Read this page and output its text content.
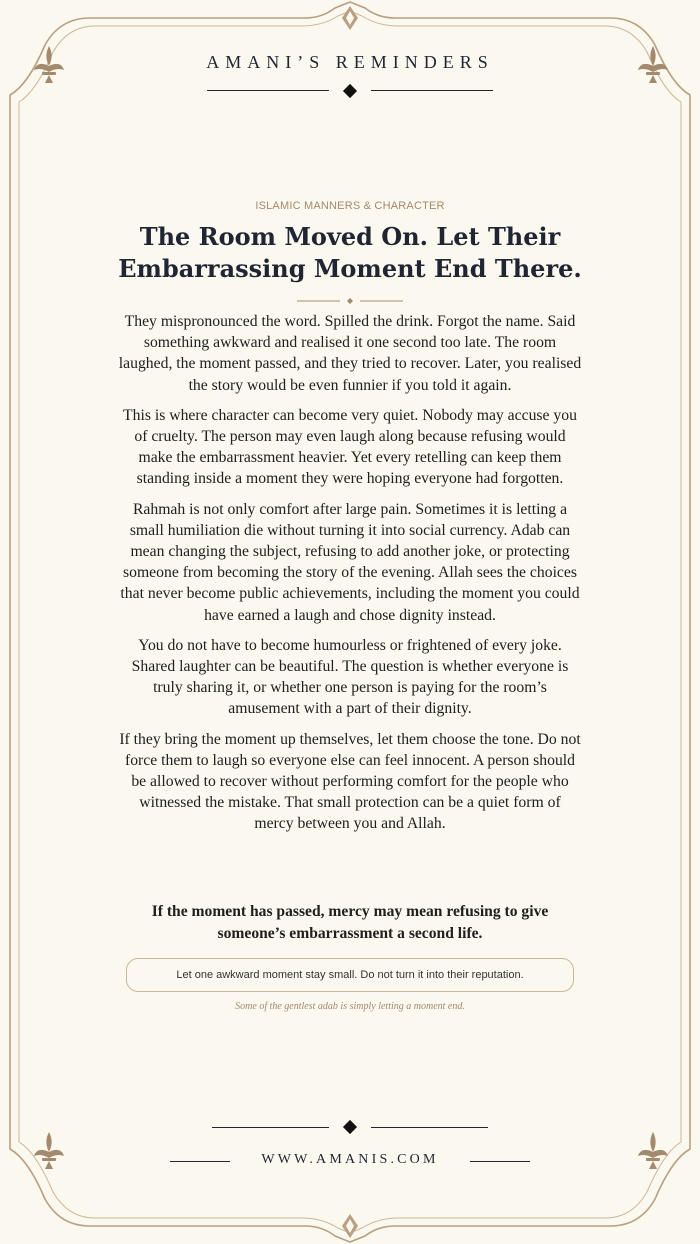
AMANI’S REMINDERS
ISLAMIC MANNERS & CHARACTER
The Room Moved On. Let Their
Embarrassing Moment End There.

They mispronounced the word. Spilled the drink. Forgot the name. Said something awkward and realised it one second too late. The room laughed, the moment passed, and they tried to recover. Later, you realised the story would be even funnier if you told it again.

This is where character can become very quiet. Nobody may accuse you of cruelty. The person may even laugh along because refusing would make the embarrassment heavier. Yet every retelling can keep them standing inside a moment they were hoping everyone had forgotten.

Rahmah is not only comfort after large pain. Sometimes it is letting a small humiliation die without turning it into social currency. Adab can mean changing the subject, refusing to add another joke, or protecting someone from becoming the story of the evening. Allah sees the choices that never become public achievements, including the moment you could have earned a laugh and chose dignity instead.

You do not have to become humourless or frightened of every joke. Shared laughter can be beautiful. The question is whether everyone is truly sharing it, or whether one person is paying for the room’s amusement with a part of their dignity.

If they bring the moment up themselves, let them choose the tone. Do not force them to laugh so everyone else can feel innocent. A person should be allowed to recover without performing comfort for the people who witnessed the mistake. That small protection can be a quiet form of mercy between you and Allah.

If the moment has passed, mercy may mean refusing to give someone’s embarrassment a second life.
Let one awkward moment stay small. Do not turn it into their reputation.
Some of the gentlest adab is simply letting a moment end.
WWW.AMANIS.COM
